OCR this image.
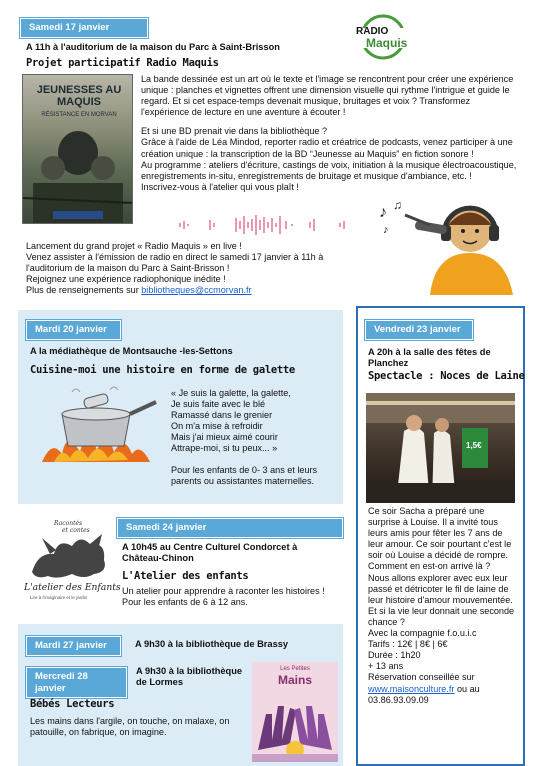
Samedi 17 janvier
A 11h à l'auditorium de la maison du Parc à Saint-Brisson
Projet participatif Radio Maquis
RADIO
Maquis
JEUNESSES AU MAQUIS
RÉSISTANCE EN MORVAN
La bande dessinée est un art où le texte et l'image se rencontrent pour créer une expérience unique : planches et vignettes offrent une dimension visuelle qui rythme l'intrigue et guide le regard. Et si cet espace-temps devenait musique, bruitages et voix ? Transformez l'expérience de lecture en une aventure à écouter !
Et si une BD prenait vie dans la bibliothèque ?
Grâce à l'aide de Léa Mindod, reporter radio et créatrice de podcasts, venez participer à une création unique : la transcription de la BD “Jeunesse au Maquis” en fiction sonore !
Au programme : ateliers d'écriture, castings de voix, initiation à la musique électroacoustique, enregistrements in-situ, enregistrements de bruitage et musique d'ambiance, etc. !
Inscrivez-vous à l'atelier qui vous plaît !
♪ ♫
♪
Lancement du grand projet « Radio Maquis » en live !
Venez assister à l'émission de radio en direct le samedi 17 janvier à 11h à l'auditorium de la maison du Parc à Saint-Brisson !
Rejoignez une expérience radiophonique inédite !
Plus de renseignements sur bibliotheques@ccmorvan.fr
Mardi 20 janvier
A la médiathèque de Montsauche -les-Settons
Cuisine-moi une histoire en forme de galette
« Je suis la galette, la galette,
Je suis faite avec le blé
Ramassé dans le grenier
On m'a mise à refroidir
Mais j'ai mieux aimé courir
Attrape-moi, si tu peux... »
Pour les enfants de 0- 3 ans et leurs parents ou assistantes maternelles.
Vendredi 23 janvier
A 20h à la salle des fêtes de Planchez
Spectacle : Noces de Laine
1,5€
Ce soir Sacha a préparé une surprise à Louise. Il a invité tous leurs amis pour fêter les 7 ans de leur amour. Ce soir pourtant c'est le soir où Louise a décidé de rompre. Comment en est-on arrivé là ?
Nous allons explorer avec eux leur passé et détricoter le fil de laine de leur histoire d'amour mouvementée.
Et si la vie leur donnait une seconde chance ?
Avec la compagnie f.o.u.i.c
Tarifs : 12€ | 8€ | 6€
Durée : 1h20
+ 13 ans
Réservation conseillée sur
www.maisonculture.fr ou au
03.86.93.09.09
Samedi 24 janvier
Racontés
et contes
L'atelier des Enfants
Lire à l'imaginaire et le jardin
A 10h45 au Centre Culturel Condorcet à
Château-Chinon
L'Atelier des enfants
Un atelier pour apprendre à raconter les histoires !
Pour les enfants de 6 à 12 ans.
Mardi 27 janvier	A 9h30 à la bibliothèque de Brassy
Mercredi 28 janvier
A 9h30 à la bibliothèque
de Lormes
Bébés Lecteurs
Les Petites
Mains
Les mains dans l'argile, on touche, on malaxe, on patouille, on fabrique, on imagine.
